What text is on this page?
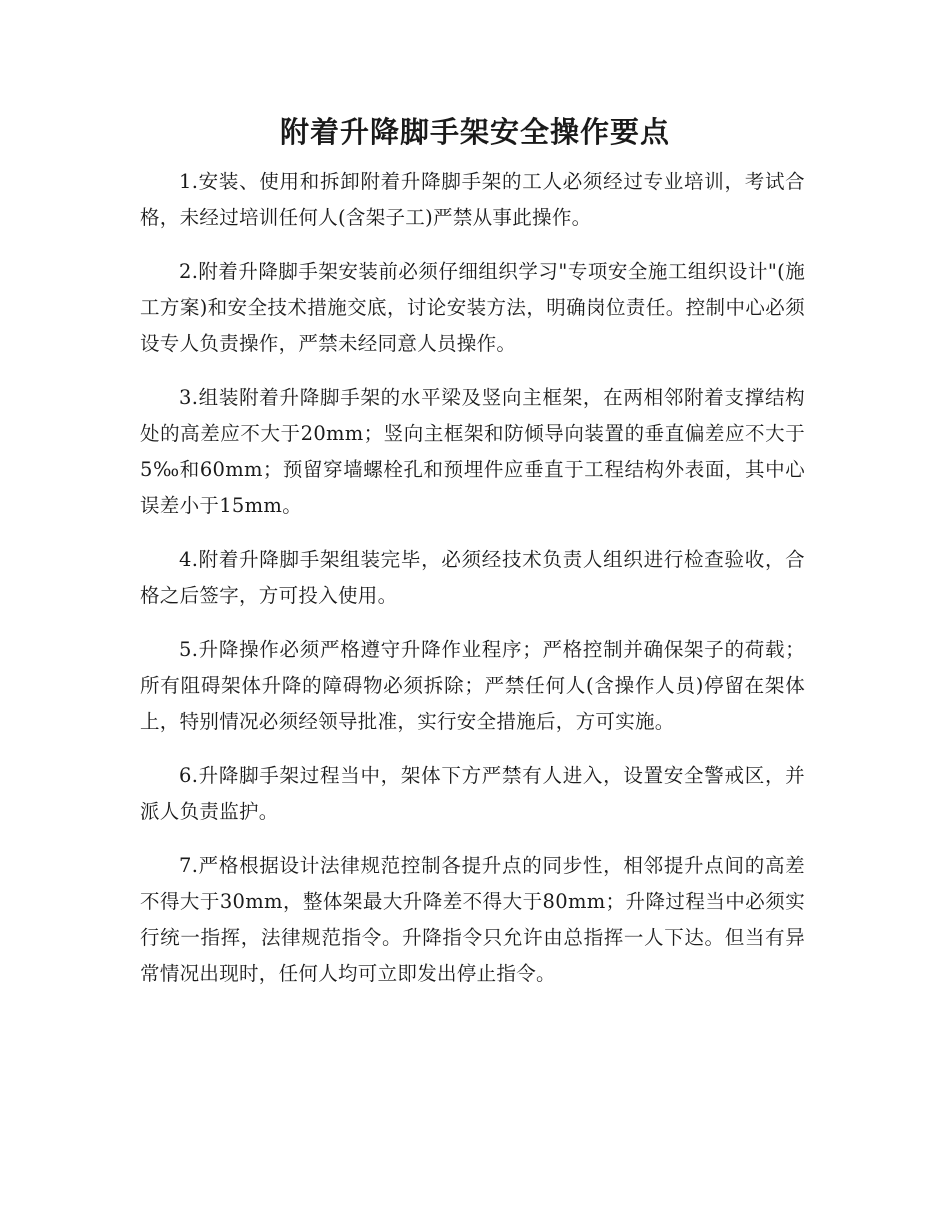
附着升降脚手架安全操作要点

1.安装、使用和拆卸附着升降脚手架的工人必须经过专业培训，考试合格，未经过培训任何人(含架子工)严禁从事此操作。

2.附着升降脚手架安装前必须仔细组织学习"专项安全施工组织设计"(施工方案)和安全技术措施交底，讨论安装方法，明确岗位责任。控制中心必须设专人负责操作，严禁未经同意人员操作。

3.组装附着升降脚手架的水平梁及竖向主框架，在两相邻附着支撑结构处的高差应不大于20mm；竖向主框架和防倾导向装置的垂直偏差应不大于5‰和60mm；预留穿墙螺栓孔和预埋件应垂直于工程结构外表面，其中心误差小于15mm。

4.附着升降脚手架组装完毕，必须经技术负责人组织进行检查验收，合格之后签字，方可投入使用。

5.升降操作必须严格遵守升降作业程序；严格控制并确保架子的荷载；所有阻碍架体升降的障碍物必须拆除；严禁任何人(含操作人员)停留在架体上，特别情况必须经领导批准，实行安全措施后，方可实施。

6.升降脚手架过程当中，架体下方严禁有人进入，设置安全警戒区，并派人负责监护。

7.严格根据设计法律规范控制各提升点的同步性，相邻提升点间的高差不得大于30mm，整体架最大升降差不得大于80mm；升降过程当中必须实行统一指挥，法律规范指令。升降指令只允许由总指挥一人下达。但当有异常情况出现时，任何人均可立即发出停止指令。
